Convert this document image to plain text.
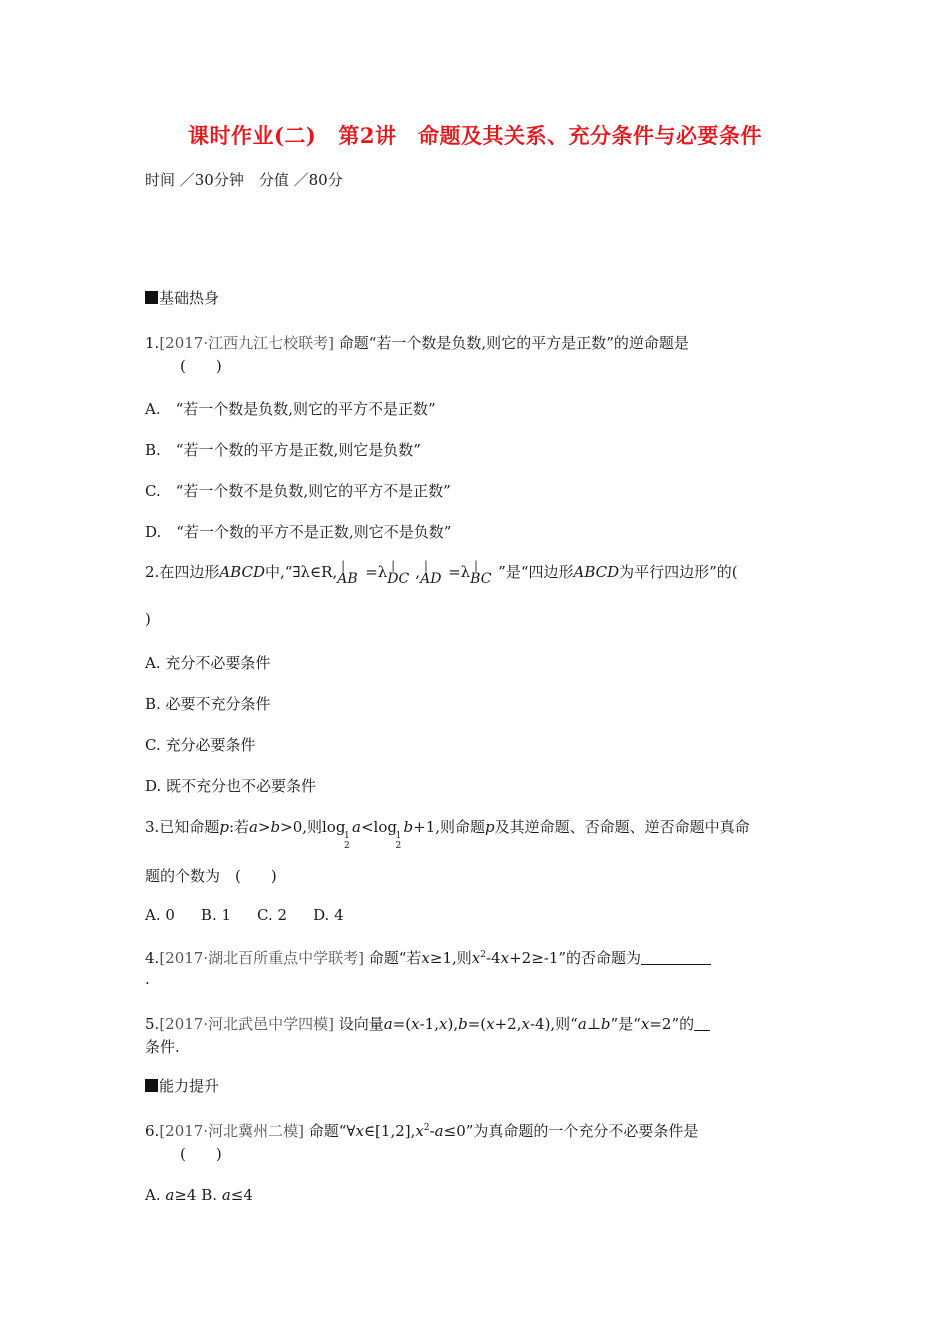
课时作业(二) 第2讲　命题及其关系、充分条件与必要条件
时间 ／30分钟　 分值 ／80分
基础热身
1.[2017·江西九江七校联考] 命题“若一个数是负数,则它的平方是正数”的逆命题是
(　　)
A.　“若一个数是负数,则它的平方不是正数”
B.　“若一个数的平方是正数,则它是负数”
C.　“若一个数不是负数,则它的平方不是正数”
D.　“若一个数的平方不是正数,则它不是负数”
2.在四边形ABCD中,“∃λ∈R, |
AB =λ |
DC , |
AD =λ |
BC ”是“四边形ABCD为平行四边形”的(
)
A. 充分不必要条件
B. 必要不充分条件
C. 充分必要条件
D. 既不充分也不必要条件
3.已知命题p:若a>b>0,则log
1
2
a<log
1
2
b+1,则命题p及其逆命题、否命题、逆否命题中真命
题的个数为　(　　)
A. 0 B. 1 C. 2 D. 4
4.[2017·湖北百所重点中学联考] 命题“若x≥1,则$x^2-4x+2\ge-1$”的否命题为
.
5.[2017·河北武邑中学四模] 设向量a=(x-1,x),b=(x+2,x-4),则“a⊥b”是“x=2”的
条件.
能力提升
6.[2017·河北冀州二模] 命题“$\forall x\in[1,2],x^2-a\le 0$”为真命题的一个充分不必要条件是
(　　)
A. a≥4 B. a≤4
